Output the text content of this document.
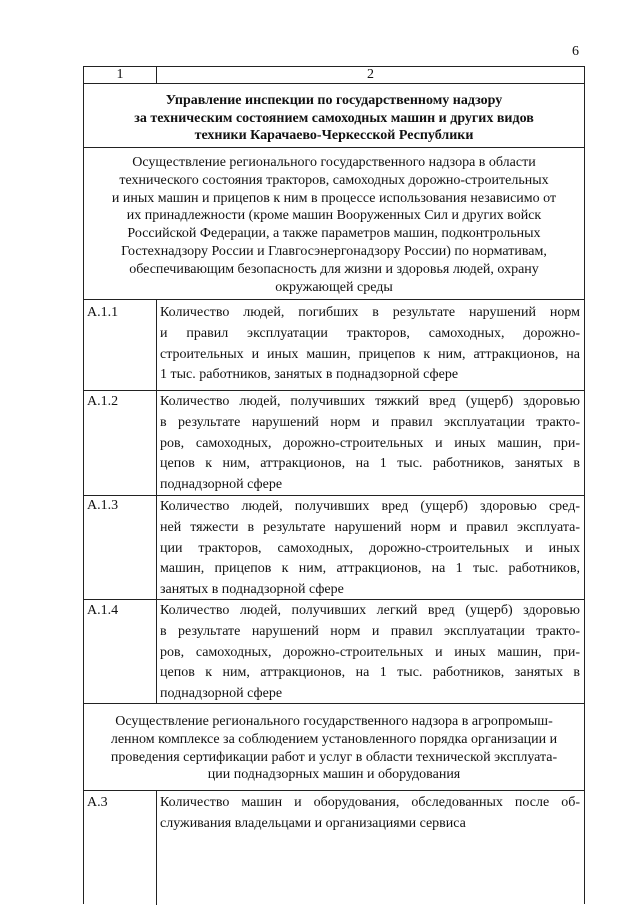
6
1	2
Управление инспекции по государственному надзору
за техническим состоянием самоходных машин и других видов
техники Карачаево-Черкесской Республики
Осуществление регионального государственного надзора в области
технического состояния тракторов, самоходных дорожно-строительных
и иных машин и прицепов к ним в процессе использования независимо от
их принадлежности (кроме машин Вооруженных Сил и других войск
Российской Федерации, а также параметров машин, подконтрольных
Гостехнадзору России и Главгосэнергонадзору России) по нормативам,
обеспечивающим безопасность для жизни и здоровья людей, охрану
окружающей среды
А.1.1	Количество людей, погибших в результате нарушений норм
и правил эксплуатации тракторов, самоходных, дорожно-
строительных и иных машин, прицепов к ним, аттракционов, на
1 тыс. работников, занятых в поднадзорной сфере
А.1.2	Количество людей, получивших тяжкий вред (ущерб) здоровью
в результате нарушений норм и правил эксплуатации тракто-
ров, самоходных, дорожно-строительных и иных машин, при-
цепов к ним, аттракционов, на 1 тыс. работников, занятых в
поднадзорной сфере
А.1.3	Количество людей, получивших вред (ущерб) здоровью сред-
ней тяжести в результате нарушений норм и правил эксплуата-
ции тракторов, самоходных, дорожно-строительных и иных
машин, прицепов к ним, аттракционов, на 1 тыс. работников,
занятых в поднадзорной сфере
А.1.4	Количество людей, получивших легкий вред (ущерб) здоровью
в результате нарушений норм и правил эксплуатации тракто-
ров, самоходных, дорожно-строительных и иных машин, при-
цепов к ним, аттракционов, на 1 тыс. работников, занятых в
поднадзорной сфере
Осуществление регионального государственного надзора в агропромыш-
ленном комплексе за соблюдением установленного порядка организации и
проведения сертификации работ и услуг в области технической эксплуата-
ции поднадзорных машин и оборудования
А.3	Количество машин и оборудования, обследованных после об-
служивания владельцами и организациями сервиса
